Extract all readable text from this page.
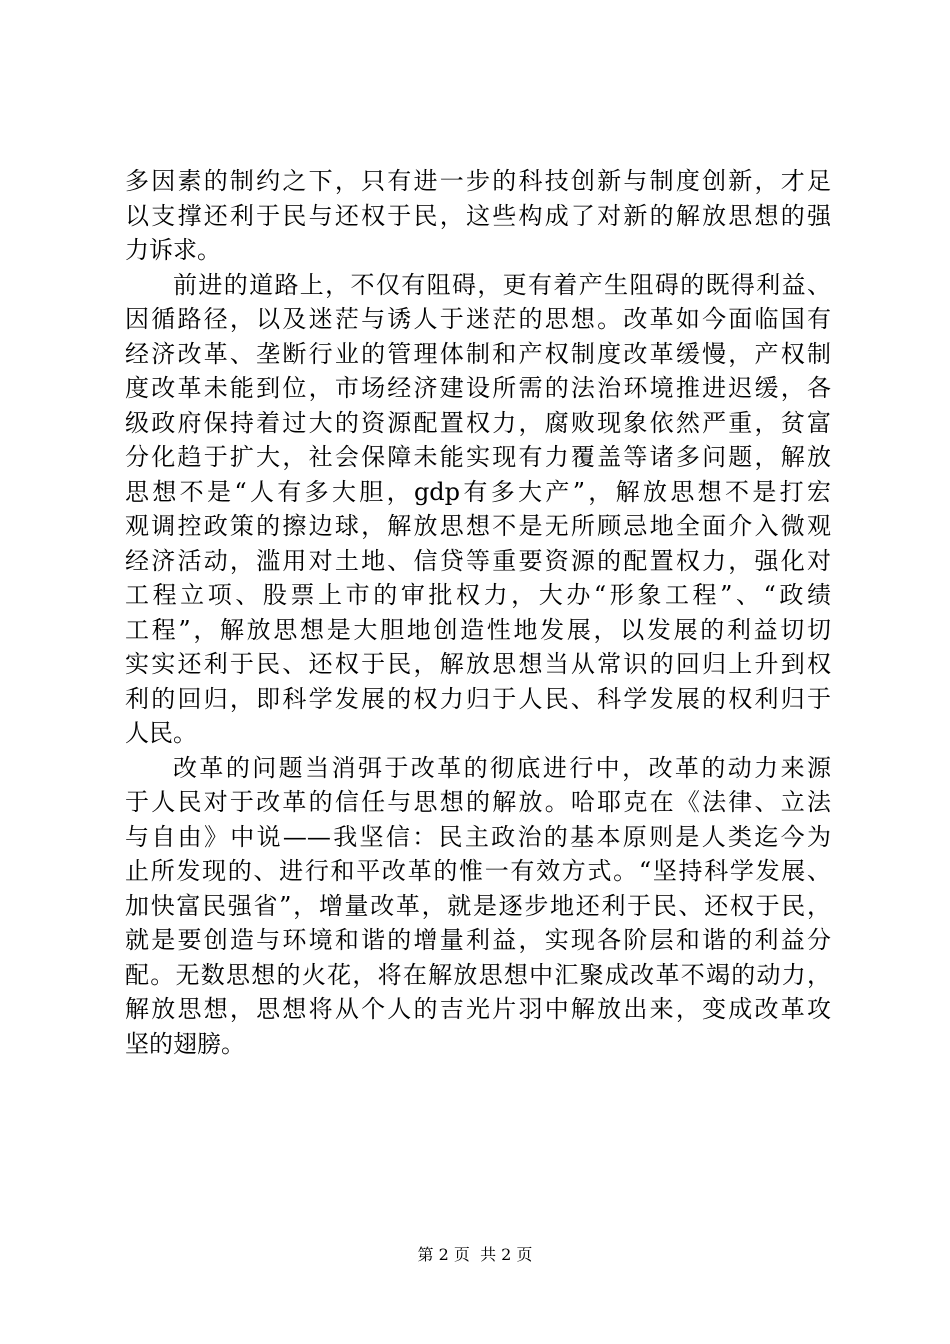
多因素的制约之下，只有进一步的科技创新与制度创新，才足
以支撑还利于民与还权于民，这些构成了对新的解放思想的强
力诉求。
前进的道路上，不仅有阻碍，更有着产生阻碍的既得利益、
因循路径，以及迷茫与诱人于迷茫的思想。改革如今面临国有
经济改革、垄断行业的管理体制和产权制度改革缓慢，产权制
度改革未能到位，市场经济建设所需的法治环境推进迟缓，各
级政府保持着过大的资源配置权力，腐败现象依然严重，贫富
分化趋于扩大，社会保障未能实现有力覆盖等诸多问题，解放
思想不是“人有多大胆，gdp有多大产”，解放思想不是打宏
观调控政策的擦边球，解放思想不是无所顾忌地全面介入微观
经济活动，滥用对土地、信贷等重要资源的配置权力，强化对
工程立项、股票上市的审批权力，大办“形象工程”、“政绩
工程”，解放思想是大胆地创造性地发展，以发展的利益切切
实实还利于民、还权于民，解放思想当从常识的回归上升到权
利的回归，即科学发展的权力归于人民、科学发展的权利归于
人民。
改革的问题当消弭于改革的彻底进行中，改革的动力来源
于人民对于改革的信任与思想的解放。哈耶克在《法律、立法
与自由》中说——我坚信：民主政治的基本原则是人类迄今为
止所发现的、进行和平改革的惟一有效方式。“坚持科学发展、
加快富民强省”，增量改革，就是逐步地还利于民、还权于民，
就是要创造与环境和谐的增量利益，实现各阶层和谐的利益分
配。无数思想的火花，将在解放思想中汇聚成改革不竭的动力，
解放思想，思想将从个人的吉光片羽中解放出来，变成改革攻
坚的翅膀。
第 2 页  共 2 页
